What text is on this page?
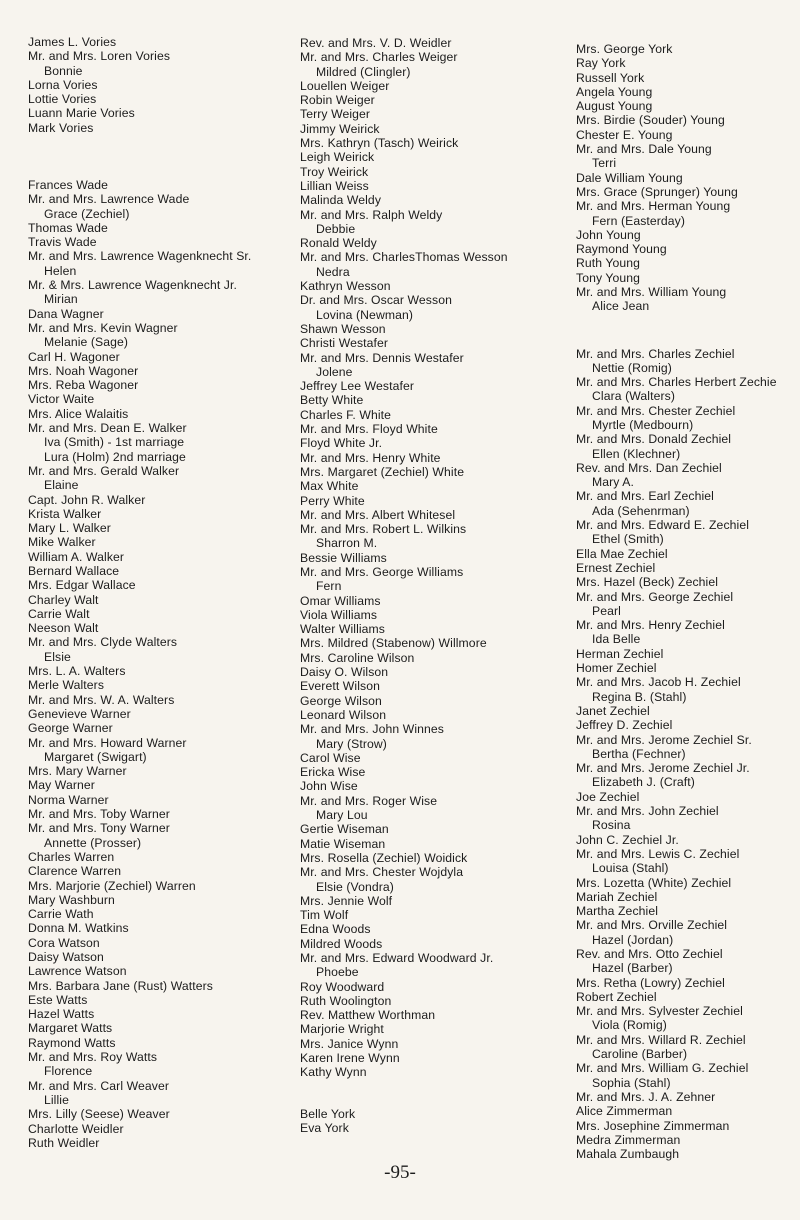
James L. Vories
Mr. and Mrs. Loren Vories
Bonnie
Lorna Vories
Lottie Vories
Luann Marie Vories
Mark Vories
Frances Wade
Mr. and Mrs. Lawrence Wade
Grace (Zechiel)
Thomas Wade
Travis Wade
Mr. and Mrs. Lawrence Wagenknecht Sr.
Helen
Mr. & Mrs. Lawrence Wagenknecht Jr.
Mirian
Dana Wagner
Mr. and Mrs. Kevin Wagner
Melanie (Sage)
Carl H. Wagoner
Mrs. Noah Wagoner
Mrs. Reba Wagoner
Victor Waite
Mrs. Alice Walaitis
Mr. and Mrs. Dean E. Walker
Iva (Smith) - 1st marriage
Lura (Holm) 2nd marriage
Mr. and Mrs. Gerald Walker
Elaine
Capt. John R. Walker
Krista Walker
Mary L. Walker
Mike Walker
William A. Walker
Bernard Wallace
Mrs. Edgar Wallace
Charley Walt
Carrie Walt
Neeson Walt
Mr. and Mrs. Clyde Walters
Elsie
Mrs. L. A. Walters
Merle Walters
Mr. and Mrs. W. A. Walters
Genevieve Warner
George Warner
Mr. and Mrs. Howard Warner
Margaret (Swigart)
Mrs. Mary Warner
May Warner
Norma Warner
Mr. and Mrs. Toby Warner
Mr. and Mrs. Tony Warner
Annette (Prosser)
Charles Warren
Clarence Warren
Mrs. Marjorie (Zechiel) Warren
Mary Washburn
Carrie Wath
Donna M. Watkins
Cora Watson
Daisy Watson
Lawrence Watson
Mrs. Barbara Jane (Rust) Watters
Este Watts
Hazel Watts
Margaret Watts
Raymond Watts
Mr. and Mrs. Roy Watts
Florence
Mr. and Mrs. Carl Weaver
Lillie
Mrs. Lilly (Seese) Weaver
Charlotte Weidler
Ruth Weidler
Rev. and Mrs. V. D. Weidler
Mr. and Mrs. Charles Weiger
Mildred (Clingler)
Louellen Weiger
Robin Weiger
Terry Weiger
Jimmy Weirick
Mrs. Kathryn (Tasch) Weirick
Leigh Weirick
Troy Weirick
Lillian Weiss
Malinda Weldy
Mr. and Mrs. Ralph Weldy
Debbie
Ronald Weldy
Mr. and Mrs. CharlesThomas Wesson
Nedra
Kathryn Wesson
Dr. and Mrs. Oscar Wesson
Lovina (Newman)
Shawn Wesson
Christi Westafer
Mr. and Mrs. Dennis Westafer
Jolene
Jeffrey Lee Westafer
Betty White
Charles F. White
Mr. and Mrs. Floyd White
Floyd White Jr.
Mr. and Mrs. Henry White
Mrs. Margaret (Zechiel) White
Max White
Perry White
Mr. and Mrs. Albert Whitesel
Mr. and Mrs. Robert L. Wilkins
Sharron M.
Bessie Williams
Mr. and Mrs. George Williams
Fern
Omar Williams
Viola Williams
Walter Williams
Mrs. Mildred (Stabenow) Willmore
Mrs. Caroline Wilson
Daisy O. Wilson
Everett Wilson
George Wilson
Leonard Wilson
Mr. and Mrs. John Winnes
Mary (Strow)
Carol Wise
Ericka Wise
John Wise
Mr. and Mrs. Roger Wise
Mary Lou
Gertie Wiseman
Matie Wiseman
Mrs. Rosella (Zechiel) Woidick
Mr. and Mrs. Chester Wojdyla
Elsie (Vondra)
Mrs. Jennie Wolf
Tim Wolf
Edna Woods
Mildred Woods
Mr. and Mrs. Edward Woodward Jr.
Phoebe
Roy Woodward
Ruth Woolington
Rev. Matthew Worthman
Marjorie Wright
Mrs. Janice Wynn
Karen Irene Wynn
Kathy Wynn
Belle York
Eva York
Mrs. George York
Ray York
Russell York
Angela Young
August Young
Mrs. Birdie (Souder) Young
Chester E. Young
Mr. and Mrs. Dale Young
Terri
Dale William Young
Mrs. Grace (Sprunger) Young
Mr. and Mrs. Herman Young
Fern (Easterday)
John Young
Raymond Young
Ruth Young
Tony Young
Mr. and Mrs. William Young
Alice Jean
Mr. and Mrs. Charles Zechiel
Nettie (Romig)
Mr. and Mrs. Charles Herbert Zechie
Clara (Walters)
Mr. and Mrs. Chester Zechiel
Myrtle (Medbourn)
Mr. and Mrs. Donald Zechiel
Ellen (Klechner)
Rev. and Mrs. Dan Zechiel
Mary A.
Mr. and Mrs. Earl Zechiel
Ada (Sehenrman)
Mr. and Mrs. Edward E. Zechiel
Ethel (Smith)
Ella Mae Zechiel
Ernest Zechiel
Mrs. Hazel (Beck) Zechiel
Mr. and Mrs. George Zechiel
Pearl
Mr. and Mrs. Henry Zechiel
Ida Belle
Herman Zechiel
Homer Zechiel
Mr. and Mrs. Jacob H. Zechiel
Regina B. (Stahl)
Janet Zechiel
Jeffrey D. Zechiel
Mr. and Mrs. Jerome Zechiel Sr.
Bertha (Fechner)
Mr. and Mrs. Jerome Zechiel Jr.
Elizabeth J. (Craft)
Joe Zechiel
Mr. and Mrs. John Zechiel
Rosina
John C. Zechiel Jr.
Mr. and Mrs. Lewis C. Zechiel
Louisa (Stahl)
Mrs. Lozetta (White) Zechiel
Mariah Zechiel
Martha Zechiel
Mr. and Mrs. Orville Zechiel
Hazel (Jordan)
Rev. and Mrs. Otto Zechiel
Hazel (Barber)
Mrs. Retha (Lowry) Zechiel
Robert Zechiel
Mr. and Mrs. Sylvester Zechiel
Viola (Romig)
Mr. and Mrs. Willard R. Zechiel
Caroline (Barber)
Mr. and Mrs. William G. Zechiel
Sophia (Stahl)
Mr. and Mrs. J. A. Zehner
Alice Zimmerman
Mrs. Josephine Zimmerman
Medra Zimmerman
Mahala Zumbaugh
-95-
